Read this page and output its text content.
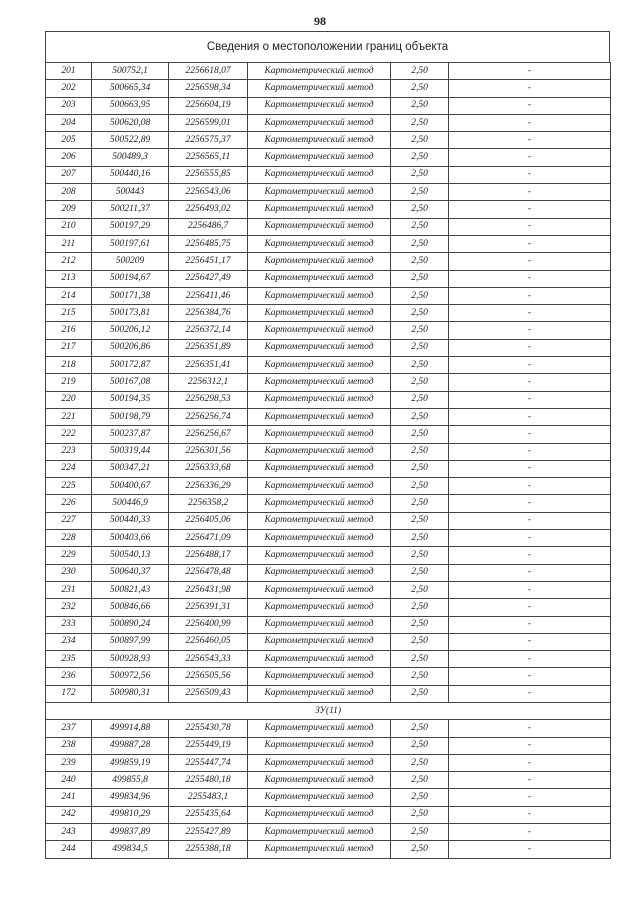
98
Сведения о местоположении границ объекта
201	500752,1	2256618,07	Картометрический метод	2,50	-
202	500665,34	2256598,34	Картометрический метод	2,50	-
203	500663,95	2256604,19	Картометрический метод	2,50	-
204	500620,08	2256599,01	Картометрический метод	2,50	-
205	500522,89	2256575,37	Картометрический метод	2,50	-
206	500489,3	2256565,11	Картометрический метод	2,50	-
207	500440,16	2256555,85	Картометрический метод	2,50	-
208	500443	2256543,06	Картометрический метод	2,50	-
209	500211,37	2256493,02	Картометрический метод	2,50	-
210	500197,29	2256486,7	Картометрический метод	2,50	-
211	500197,61	2256485,75	Картометрический метод	2,50	-
212	500209	2256451,17	Картометрический метод	2,50	-
213	500194,67	2256427,49	Картометрический метод	2,50	-
214	500171,38	2256411,46	Картометрический метод	2,50	-
215	500173,81	2256384,76	Картометрический метод	2,50	-
216	500206,12	2256372,14	Картометрический метод	2,50	-
217	500206,86	2256351,89	Картометрический метод	2,50	-
218	500172,87	2256351,41	Картометрический метод	2,50	-
219	500167,08	2256312,1	Картометрический метод	2,50	-
220	500194,35	2256298,53	Картометрический метод	2,50	-
221	500198,79	2256256,74	Картометрический метод	2,50	-
222	500237,87	2256256,67	Картометрический метод	2,50	-
223	500319,44	2256301,56	Картометрический метод	2,50	-
224	500347,21	2256333,68	Картометрический метод	2,50	-
225	500400,67	2256336,29	Картометрический метод	2,50	-
226	500446,9	2256358,2	Картометрический метод	2,50	-
227	500440,33	2256405,06	Картометрический метод	2,50	-
228	500403,66	2256471,09	Картометрический метод	2,50	-
229	500540,13	2256488,17	Картометрический метод	2,50	-
230	500640,37	2256478,48	Картометрический метод	2,50	-
231	500821,43	2256431,98	Картометрический метод	2,50	-
232	500846,66	2256391,31	Картометрический метод	2,50	-
233	500890,24	2256400,99	Картометрический метод	2,50	-
234	500897,99	2256460,05	Картометрический метод	2,50	-
235	500928,93	2256543,33	Картометрический метод	2,50	-
236	500972,56	2256505,56	Картометрический метод	2,50	-
172	500980,31	2256509,43	Картометрический метод	2,50	-
ЗУ(11)					
237	499914,88	2255430,78	Картометрический метод	2,50	-
238	499887,28	2255449,19	Картометрический метод	2,50	-
239	499859,19	2255447,74	Картометрический метод	2,50	-
240	499855,8	2255480,18	Картометрический метод	2,50	-
241	499834,96	2255483,1	Картометрический метод	2,50	-
242	499810,29	2255435,64	Картометрический метод	2,50	-
243	499837,89	2255427,89	Картометрический метод	2,50	-
244	499834,5	2255388,18	Картометрический метод	2,50	-
